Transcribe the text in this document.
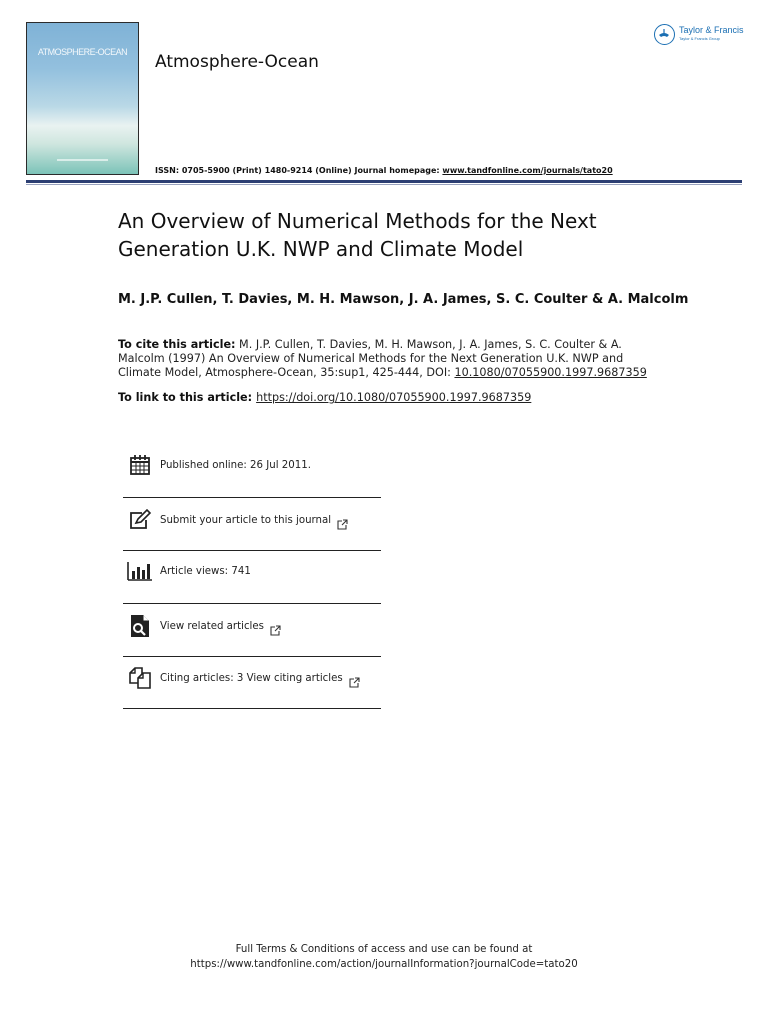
ATMOSPHERE-OCEAN	Atmosphere-Ocean
Taylor & Francis
Taylor & Francis Group
ISSN: 0705-5900 (Print) 1480-9214 (Online) Journal homepage: www.tandfonline.com/journals/tato20
An Overview of Numerical Methods for the Next Generation U.K. NWP and Climate Model
M. J.P. Cullen, T. Davies, M. H. Mawson, J. A. James, S. C. Coulter & A. Malcolm
To cite this article: M. J.P. Cullen, T. Davies, M. H. Mawson, J. A. James, S. C. Coulter & A. Malcolm (1997) An Overview of Numerical Methods for the Next Generation U.K. NWP and Climate Model, Atmosphere-Ocean, 35:sup1, 425-444, DOI: 10.1080/07055900.1997.9687359
To link to this article: https://doi.org/10.1080/07055900.1997.9687359
Published online: 26 Jul 2011.
Submit your article to this journal
Article views: 741
View related articles
Citing articles: 3 View citing articles
Full Terms & Conditions of access and use can be found at
https://www.tandfonline.com/action/journalInformation?journalCode=tato20
